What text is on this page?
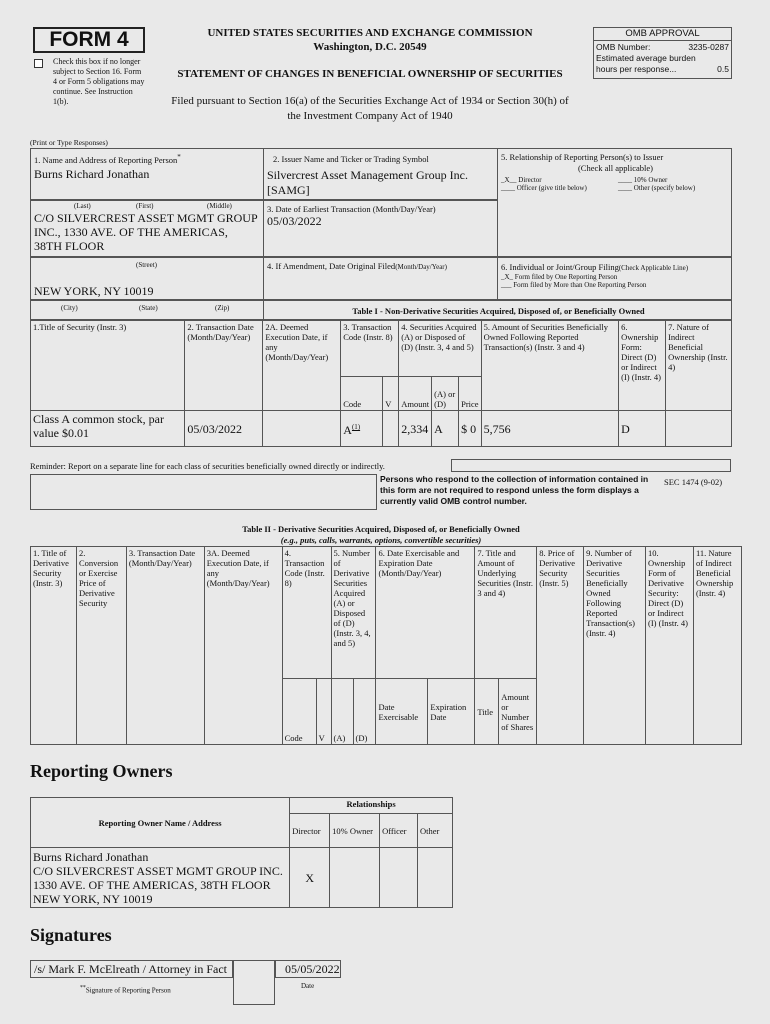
FORM 4
Check this box if no longer subject to Section 16. Form 4 or Form 5 obligations may continue. See Instruction 1(b).
UNITED STATES SECURITIES AND EXCHANGE COMMISSION
Washington, D.C. 20549
STATEMENT OF CHANGES IN BENEFICIAL OWNERSHIP OF SECURITIES
Filed pursuant to Section 16(a) of the Securities Exchange Act of 1934 or Section 30(h) of
the Investment Company Act of 1940
OMB APPROVAL
OMB Number:	3235-0287
Estimated average burden
hours per response...	0.5
(Print or Type Responses)
1. Name and Address of Reporting Person*
Burns Richard Jonathan
(Last)	(First)	(Middle)
C/O SILVERCREST ASSET MGMT GROUP
INC., 1330 AVE. OF THE AMERICAS,
38TH FLOOR
(Street)
NEW YORK, NY 10019
(City)	(State)	(Zip)
2. Issuer Name and Ticker or Trading Symbol
Silvercrest Asset Management Group Inc.
[SAMG]
3. Date of Earliest Transaction (Month/Day/Year)
05/03/2022
4. If Amendment, Date Original Filed(Month/Day/Year)
5. Relationship of Reporting Person(s) to Issuer
(Check all applicable)
_X__ Director	____ 10% Owner
____ Officer (give title below)	____ Other (specify below)
6. Individual or Joint/Group Filing(Check Applicable Line)
_X_ Form filed by One Reporting Person
___ Form filed by More than One Reporting Person
Table I - Non-Derivative Securities Acquired, Disposed of, or Beneficially Owned
1.Title of Security (Instr. 3)	2. Transaction Date (Month/Day/Year)	2A. Deemed Execution Date, if any (Month/Day/Year)	3. Transaction Code (Instr. 8)		4. Securities Acquired (A) or Disposed of (D) (Instr. 3, 4 and 5)			5. Amount of Securities Beneficially Owned Following Reported Transaction(s) (Instr. 3 and 4)	6. Ownership Form: Direct (D) or Indirect (I) (Instr. 4)	7. Nature of Indirect Beneficial Ownership (Instr. 4)
			Code	V	Amount	(A) or (D)	Price			
Class A common stock, par value $0.01	05/03/2022		$A^{(1)}$		2,334	A	$ 0	5,756	D	
Reminder: Report on a separate line for each class of securities beneficially owned directly or indirectly.
Persons who respond to the collection of information contained in this form are not required to respond unless the form displays a currently valid OMB control number.
SEC 1474 (9-02)
Table II - Derivative Securities Acquired, Disposed of, or Beneficially Owned
(e.g., puts, calls, warrants, options, convertible securities)
1. Title of Derivative Security (Instr. 3)	2. Conversion or Exercise Price of Derivative Security	3. Transaction Date (Month/Day/Year)	3A. Deemed Execution Date, if any (Month/Day/Year)	4. Transaction Code (Instr. 8)		5. Number of Derivative Securities Acquired (A) or Disposed of (D) (Instr. 3, 4, and 5)		6. Date Exercisable and Expiration Date (Month/Day/Year)		7. Title and Amount of Underlying Securities (Instr. 3 and 4)		8. Price of Derivative Security (Instr. 5)	9. Number of Derivative Securities Beneficially Owned Following Reported Transaction(s) (Instr. 4)	10. Ownership Form of Derivative Security: Direct (D) or Indirect (I) (Instr. 4)	11. Nature of Indirect Beneficial Ownership (Instr. 4)
				Code	V	(A)	(D)	Date Exercisable	Expiration Date	Title	Amount or Number of Shares				
Reporting Owners
Reporting Owner Name / Address	Relationships			
	Director	10% Owner	Officer	Other

Burns Richard Jonathan
C/O SILVERCREST ASSET MGMT GROUP INC.
1330 AVE. OF THE AMERICAS, 38TH FLOOR
NEW YORK, NY 10019	X			
Signatures
/s/ Mark F. McElreath / Attorney in Fact	05/05/2022
**Signature of Reporting Person
Date
